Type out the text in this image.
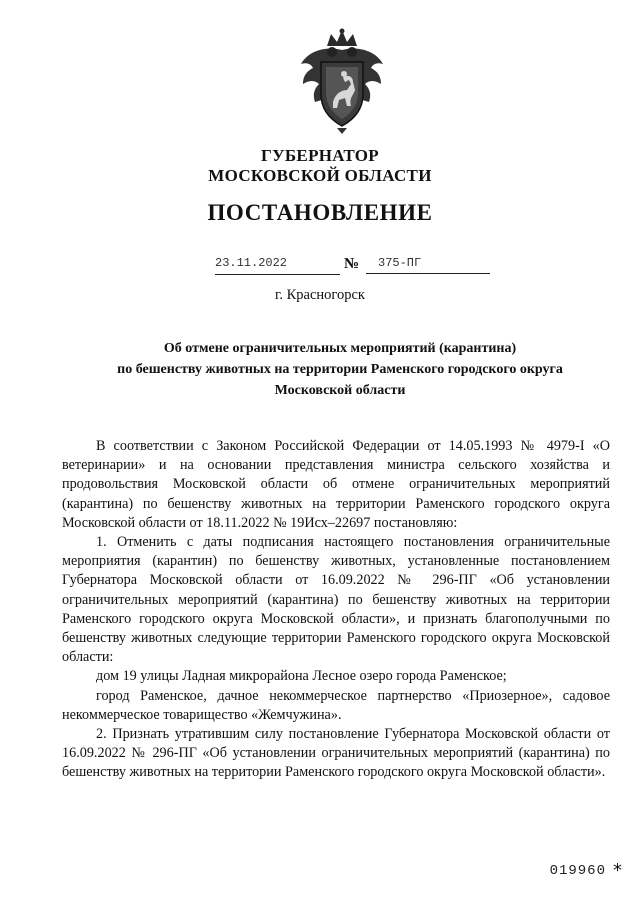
ГУБЕРНАТОР
МОСКОВСКОЙ ОБЛАСТИ
ПОСТАНОВЛЕНИЕ
23.11.2022	№	375-ПГ
г. Красногорск
Об отмене ограничительных мероприятий (карантина)
по бешенству животных на территории Раменского городского округа
Московской области

В соответствии с Законом Российской Федерации от 14.05.1993 № 4979-I «О ветеринарии» и на основании представления министра сельского хозяйства и продовольствия Московской области об отмене ограничительных мероприятий (карантина) по бешенству животных на территории Раменского городского округа Московской области от 18.11.2022 № 19Исх–22697 постановляю:

1. Отменить с даты подписания настоящего постановления ограничительные мероприятия (карантин) по бешенству животных, установленные постановлением Губернатора Московской области от 16.09.2022 № 296-ПГ «Об установлении ограничительных мероприятий (карантина) по бешенству животных на территории Раменского городского округа Московской области», и признать благополучными по бешенству животных следующие территории Раменского городского округа Московской области:

дом 19 улицы Ладная микрорайона Лесное озеро города Раменское;

город Раменское, дачное некоммерческое партнерство «Приозерное», садовое некоммерческое товарищество «Жемчужина».

2. Признать утратившим силу постановление Губернатора Московской области от 16.09.2022 № 296-ПГ «Об установлении ограничительных мероприятий (карантина) по бешенству животных на территории Раменского городского округа Московской области».

019960 *
